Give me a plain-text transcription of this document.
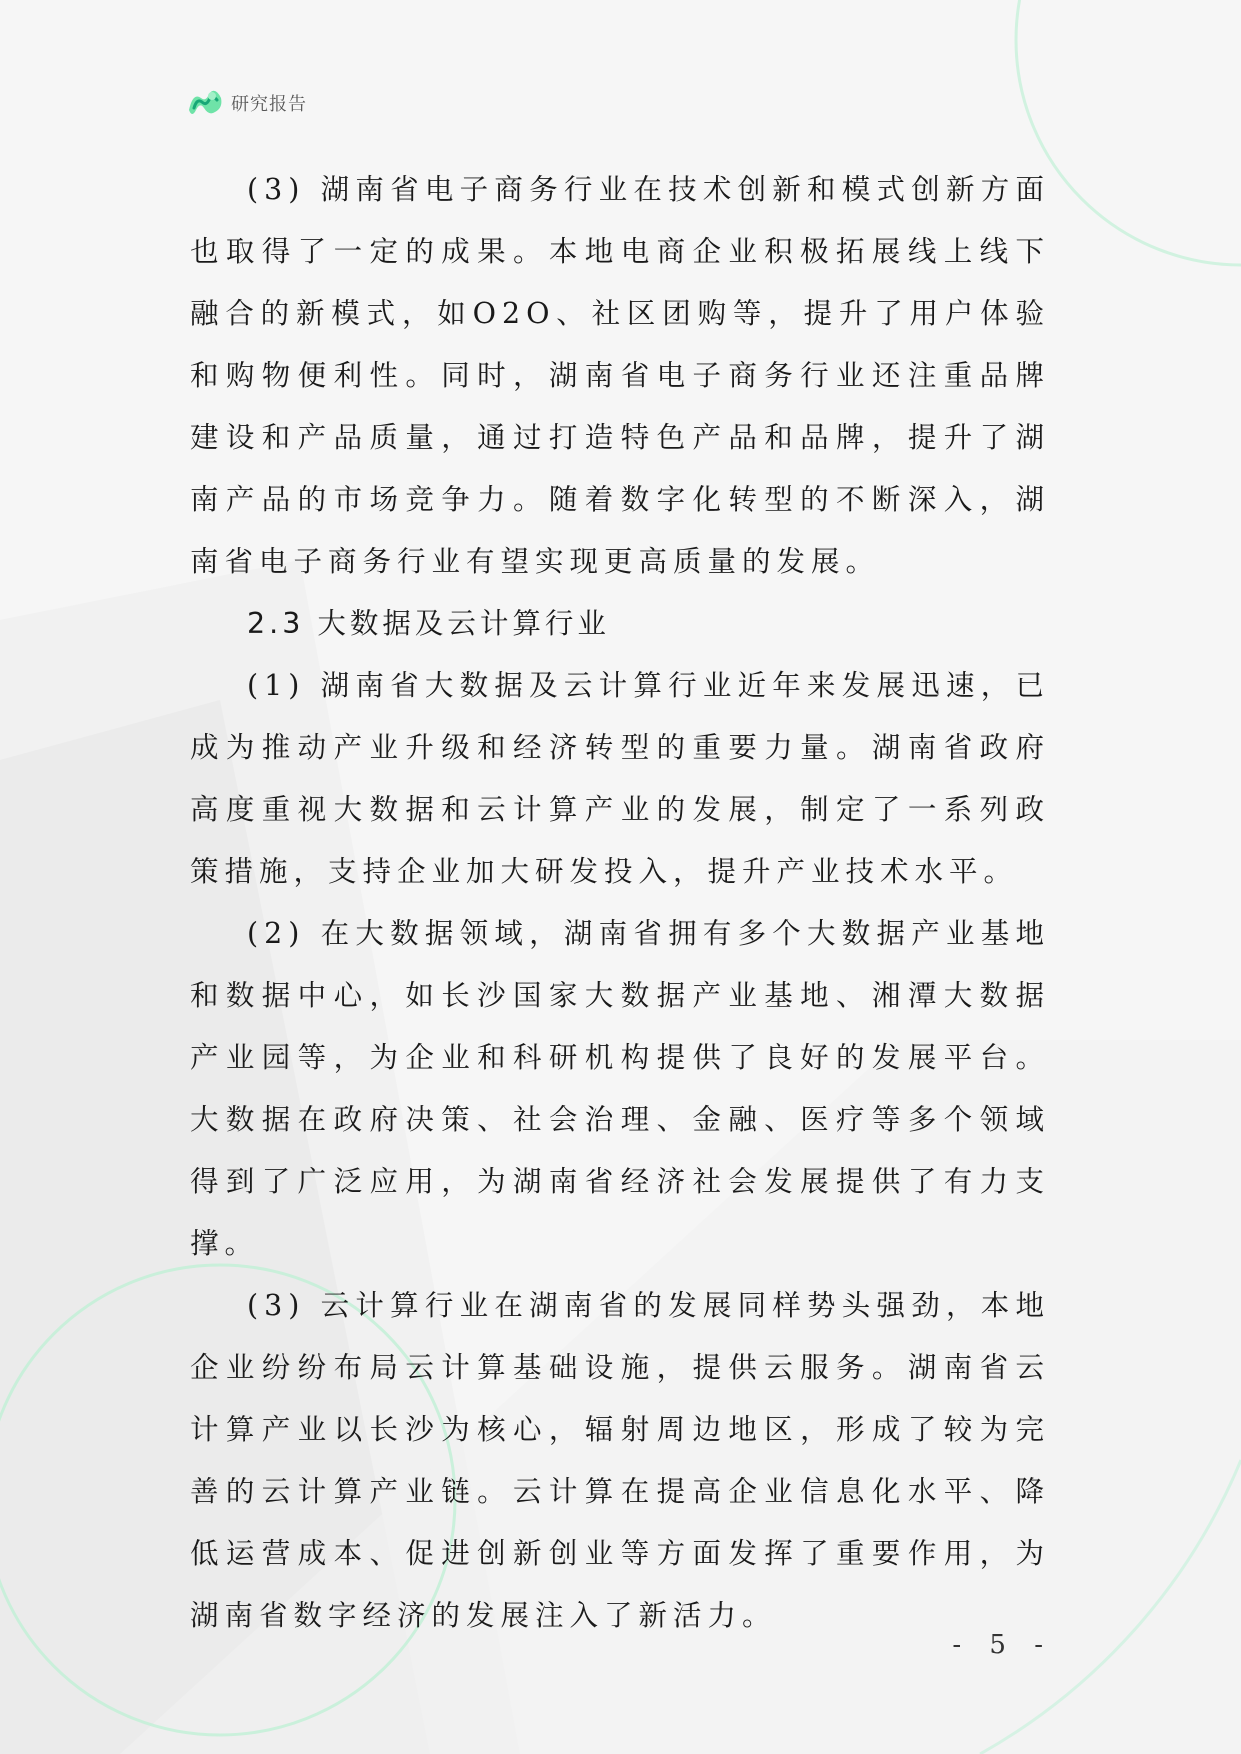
研究报告

(3) 湖南省电子商务行业在技术创新和模式创新方面也取得了一定的成果。本地电商企业积极拓展线上线下融合的新模式，如O2O、社区团购等，提升了用户体验和购物便利性。同时，湖南省电子商务行业还注重品牌建设和产品质量，通过打造特色产品和品牌，提升了湖南产品的市场竞争力。随着数字化转型的不断深入，湖南省电子商务行业有望实现更高质量的发展。

2.3 大数据及云计算行业

(1) 湖南省大数据及云计算行业近年来发展迅速，已成为推动产业升级和经济转型的重要力量。湖南省政府高度重视大数据和云计算产业的发展，制定了一系列政策措施，支持企业加大研发投入，提升产业技术水平。

(2) 在大数据领域，湖南省拥有多个大数据产业基地和数据中心，如长沙国家大数据产业基地、湘潭大数据产业园等，为企业和科研机构提供了良好的发展平台。大数据在政府决策、社会治理、金融、医疗等多个领域得到了广泛应用，为湖南省经济社会发展提供了有力支撑。

(3) 云计算行业在湖南省的发展同样势头强劲，本地企业纷纷布局云计算基础设施，提供云服务。湖南省云计算产业以长沙为核心，辐射周边地区，形成了较为完善的云计算产业链。云计算在提高企业信息化水平、降低运营成本、促进创新创业等方面发挥了重要作用，为湖南省数字经济的发展注入了新活力。

- 5 -
